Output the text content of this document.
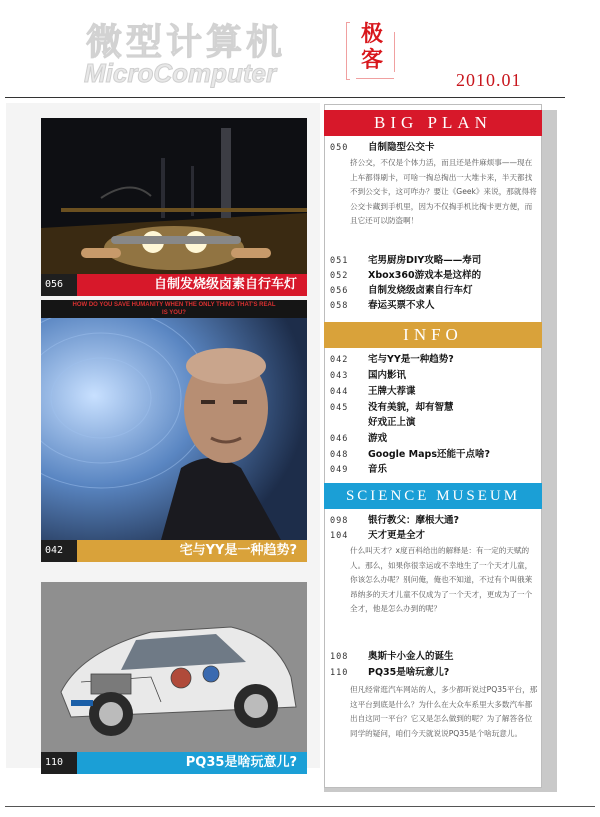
微型计算机
MicroComputer
极客
2010.01
056	自制发烧级卤素自行车灯
HOW DO YOU SAVE HUMANITY WHEN THE ONLY THING THAT'S REAL IS YOU?
042	宅与YY是一种趋势?
110	PQ35是啥玩意儿?
BIG PLAN
050	自制隐型公交卡
挤公交，不仅是个体力活，而且还是件麻烦事——现在上车都得刷卡，可啥一掏总掏出一大堆卡来，半天都找不到公交卡，这可咋办？要让《Geek》来说，那就得将公交卡藏到手机里，因为不仅掏手机比掏卡更方便，而且它还可以防盗啊！
051	宅男厨房DIY攻略——寿司
052	Xbox360游戏本是这样的
056	自制发烧级卤素自行车灯
058	春运买票不求人
INFO
042	宅与YY是一种趋势?
043	国内影讯
044	王牌大荐谍
045	没有美貌，却有智慧
好戏正上演
046	游戏
048	Google Maps还能干点啥?
049	音乐
SCIENCE MUSEUM
098	银行教父：摩根大通?
104	天才更是全才
什么叫天才？ⅹ度百科给出的解释是：有一定的天赋的人。那么，如果你很幸运或不幸地生了一个天才儿童，你该怎么办呢？别问俺，俺也不知道，不过有个叫俄莱昂纳多的天才儿童不仅成为了一个天才，更成为了一个全才，他是怎么办到的呢？
108	奥斯卡小金人的诞生
110	PQ35是啥玩意儿?
但凡经常逛汽车网站的人，多少都听说过PQ35平台，那这平台到底是什么？为什么在大众车系里大多数汽车都出自这同一平台？它又是怎么做到的呢？为了解答各位同学的疑问，咱们今天就说说PQ35是个啥玩意儿。
